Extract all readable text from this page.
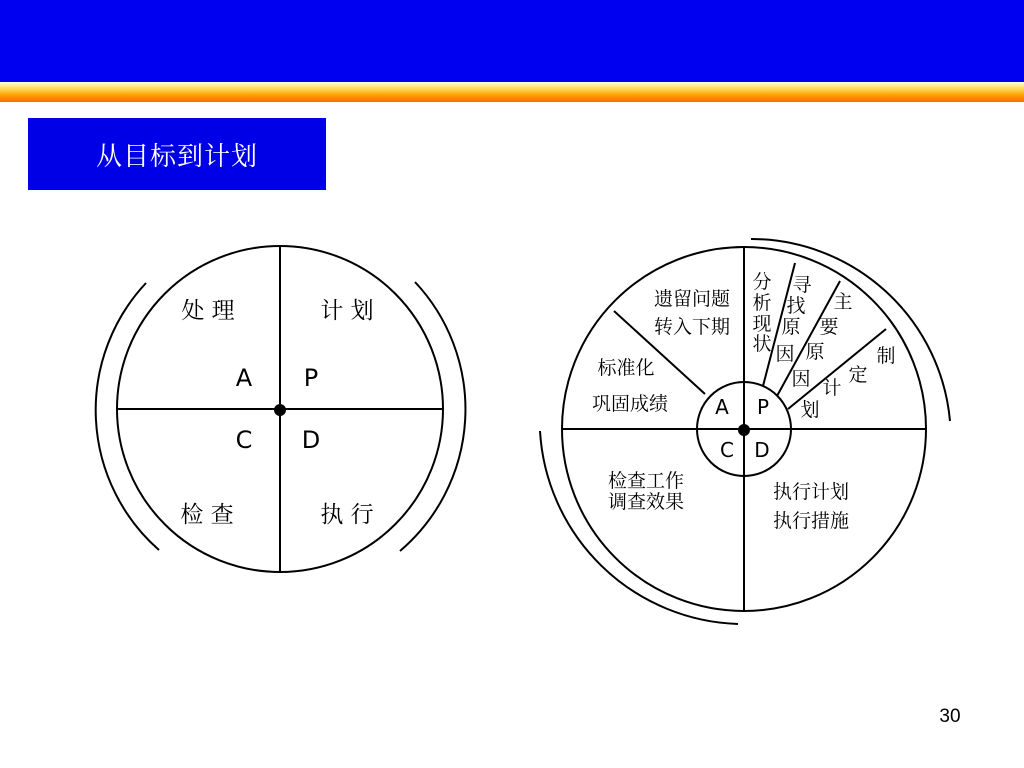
从目标到计划
处 理	计 划
检 查	执 行
A P
C D
A P
C D
遗留问题
转入下期
标准化
巩固成绩
检查工作
调查效果	执行计划
执行措施
分
析
现
状
寻
找
原
因
主
要
原
因
制
定
计
划
30
